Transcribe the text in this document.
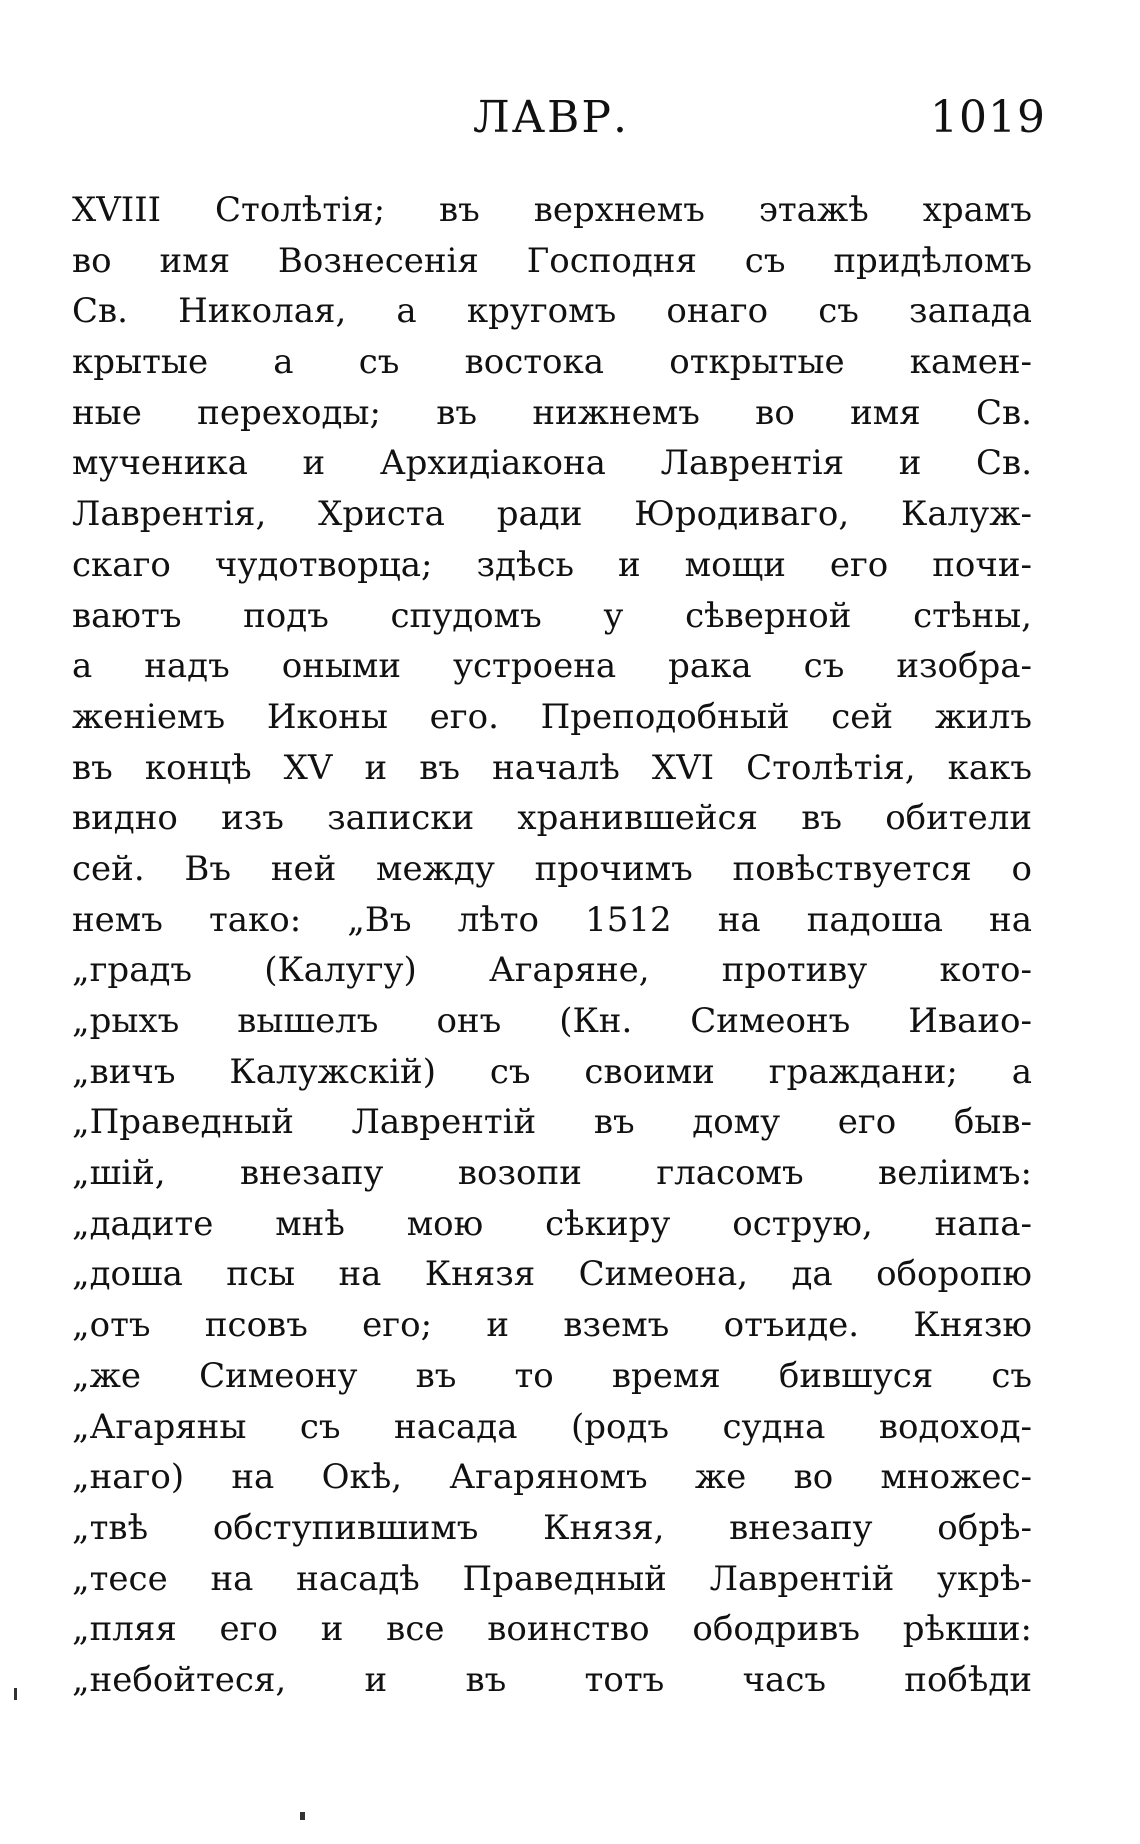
ЛАВР.	1019
XVIII Столѣтія; въ верхнемъ этажѣ храмъ
во имя Вознесенія Господня съ придѣломъ
Св. Николая, а кругомъ онаго съ запада
крытые а съ востока открытые камен-
ные переходы; въ нижнемъ во имя Св.
мученика и Архидіакона Лаврентія и Св.
Лаврентія, Христа ради Юродиваго, Калуж-
скаго чудотворца; здѣсь и мощи его почи-
ваютъ подъ спудомъ у сѣверной стѣны,
а надъ оными устроена рака съ изобра-
женіемъ Иконы его. Преподобный сей жилъ
въ концѣ XV и въ началѣ XVI Столѣтія, какъ
видно изъ записки хранившейся въ обители
сей. Въ ней между прочимъ повѣствуется о
немъ тако: „Въ лѣто 1512 на падоша на
„градъ (Калугу) Агаряне, противу кото-
„рыхъ вышелъ онъ (Кн. Симеонъ Иваио-
„вичъ Калужскій) съ своими граждани; а
„Праведный Лаврентій въ дому его быв-
„шій, внезапу возопи гласомъ велiимъ:
„дадите мнѣ мою сѣкиру острую, напа-
„доша псы на Князя Симеона, да оборопю
„отъ псовъ его; и вземъ отъиде. Князю
„же Симеону въ то время бившуся съ
„Агаряны съ насада (родъ судна водоход-
„наго) на Окѣ, Агаряномъ же во множес-
„твѣ обступившимъ Князя, внезапу обрѣ-
„тесе на насадѣ Праведный Лаврентій укрѣ-
„пляя его и все воинство ободривъ рѣкши:
„небойтеся, и въ тотъ часъ побѣди
